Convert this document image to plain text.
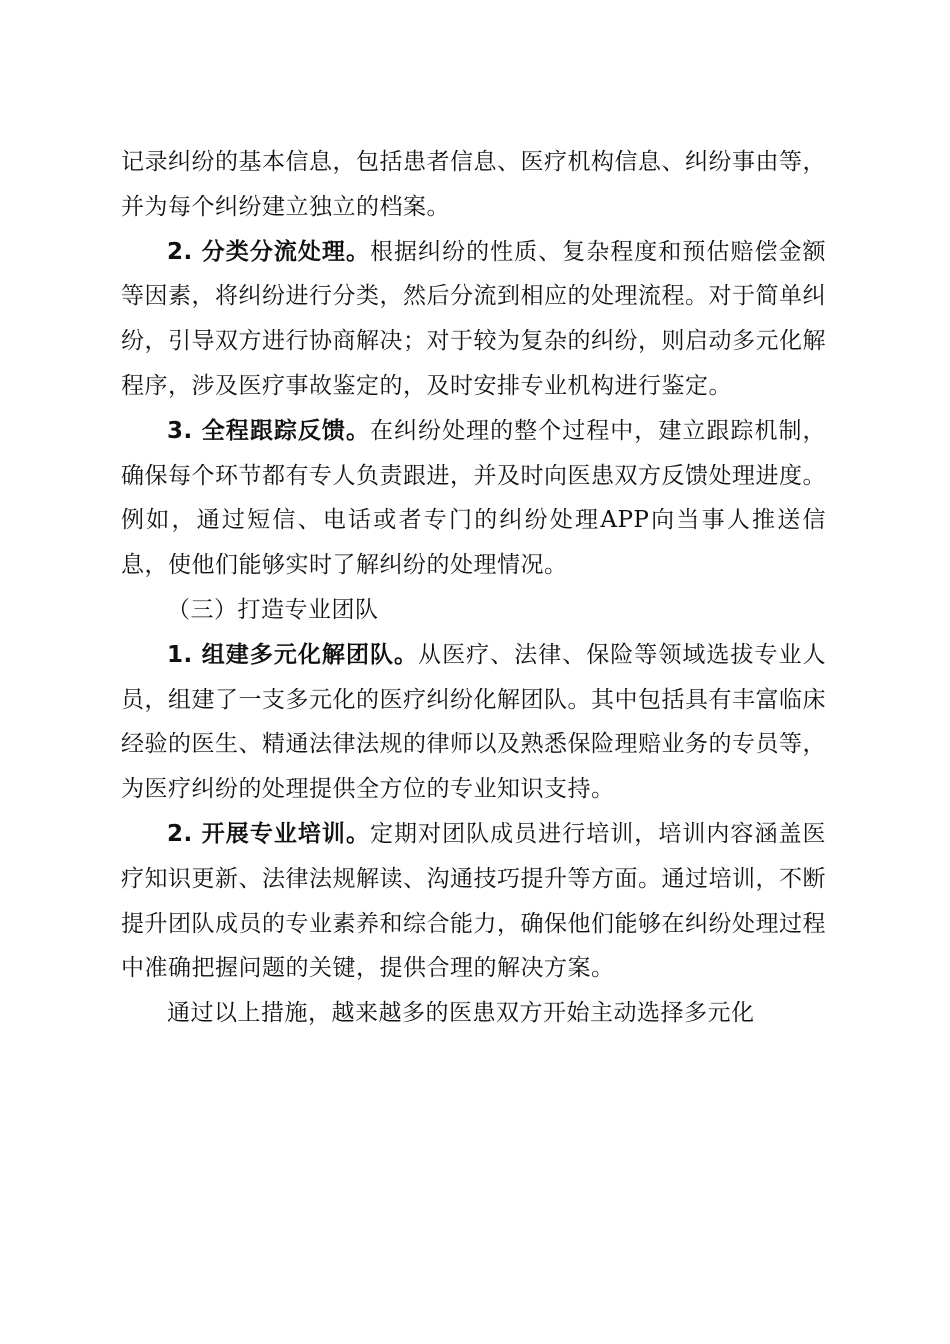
记录纠纷的基本信息，包括患者信息、医疗机构信息、纠纷事由等，并为每个纠纷建立独立的档案。

2. 分类分流处理。根据纠纷的性质、复杂程度和预估赔偿金额等因素，将纠纷进行分类，然后分流到相应的处理流程。对于简单纠纷，引导双方进行协商解决；对于较为复杂的纠纷，则启动多元化解程序，涉及医疗事故鉴定的，及时安排专业机构进行鉴定。

3. 全程跟踪反馈。在纠纷处理的整个过程中，建立跟踪机制，确保每个环节都有专人负责跟进，并及时向医患双方反馈处理进度。例如，通过短信、电话或者专门的纠纷处理APP向当事人推送信息，使他们能够实时了解纠纷的处理情况。

（三）打造专业团队

1. 组建多元化解团队。从医疗、法律、保险等领域选拔专业人员，组建了一支多元化的医疗纠纷化解团队。其中包括具有丰富临床经验的医生、精通法律法规的律师以及熟悉保险理赔业务的专员等，为医疗纠纷的处理提供全方位的专业知识支持。

2. 开展专业培训。定期对团队成员进行培训，培训内容涵盖医疗知识更新、法律法规解读、沟通技巧提升等方面。通过培训，不断提升团队成员的专业素养和综合能力，确保他们能够在纠纷处理过程中准确把握问题的关键，提供合理的解决方案。

通过以上措施，越来越多的医患双方开始主动选择多元化
